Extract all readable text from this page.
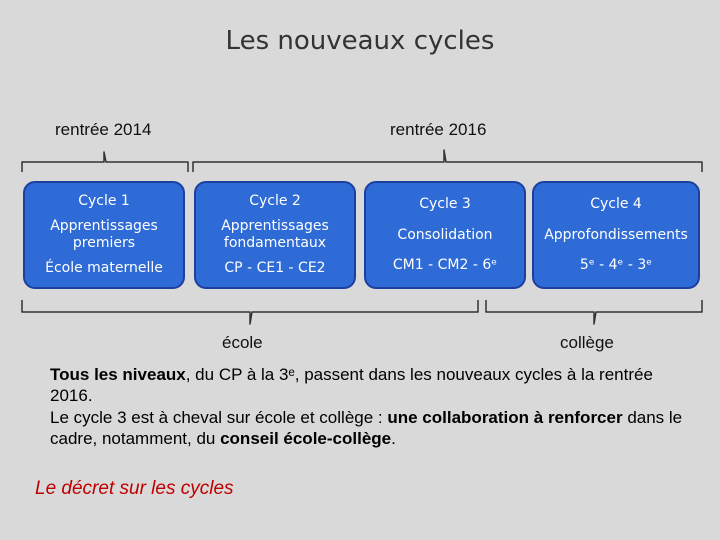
Les nouveaux cycles
rentrée 2014	rentrée 2016
Cycle 1
Apprentissages premiers
École maternelle
Cycle 2
Apprentissages fondamentaux
CP - CE1 - CE2
Cycle 3
Consolidation
CM1 - CM2 - 6ᵉ
Cycle 4
Approfondissements
5ᵉ - 4ᵉ - 3ᵉ
école	collège

Tous les niveaux, du CP à la 3ᵉ, passent dans les nouveaux cycles à la rentrée 2016.

Le cycle 3 est à cheval sur école et collège : une collaboration à renforcer dans le cadre, notamment, du conseil école-collège.

Le décret sur les cycles
